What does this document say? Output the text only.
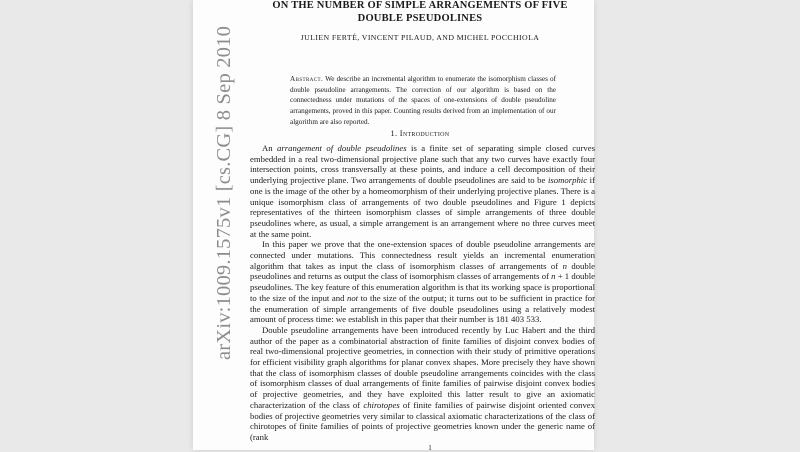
arXiv:1009.1575v1 [cs.CG] 8 Sep 2010
ON THE NUMBER OF SIMPLE ARRANGEMENTS OF FIVE
DOUBLE PSEUDOLINES
JULIEN FERTÉ, VINCENT PILAUD, AND MICHEL POCCHIOLA
Abstract. We describe an incremental algorithm to enumerate the isomorphism classes of double pseudoline arrangements. The correction of our algorithm is based on the connectedness under mutations of the spaces of one-extensions of double pseudoline arrangements, proved in this paper. Counting results derived from an implementation of our algorithm are also reported.
1. Introduction

An arrangement of double pseudolines is a finite set of separating simple closed curves embedded in a real two-dimensional projective plane such that any two curves have exactly four intersection points, cross transversally at these points, and induce a cell decomposition of their underlying projective plane. Two arrangements of double pseudolines are said to be isomorphic if one is the image of the other by a homeomorphism of their underlying projective planes. There is a unique isomorphism class of arrangements of two double pseudolines and Figure 1 depicts representatives of the thirteen isomorphism classes of simple arrangements of three double pseudolines where, as usual, a simple arrangement is an arrangement where no three curves meet at the same point.

In this paper we prove that the one-extension spaces of double pseudoline arrangements are connected under mutations. This connectedness result yields an incremental enumeration algorithm that takes as input the class of isomorphism classes of arrangements of n double pseudolines and returns as output the class of isomorphism classes of arrangements of n + 1 double pseudolines. The key feature of this enumeration algorithm is that its working space is proportional to the size of the input and not to the size of the output; it turns out to be sufficient in practice for the enumeration of simple arrangements of five double pseudolines using a relatively modest amount of process time: we establish in this paper that their number is 181 403 533.

Double pseudoline arrangements have been introduced recently by Luc Habert and the third author of the paper as a combinatorial abstraction of finite families of disjoint convex bodies of real two-dimensional projective geometries, in connection with their study of primitive operations for efficient visibility graph algorithms for planar convex shapes. More precisely they have shown that the class of isomorphism classes of double pseudoline arrangements coincides with the class of isomorphism classes of dual arrangements of finite families of pairwise disjoint convex bodies of projective geometries, and they have exploited this latter result to give an axiomatic characterization of the class of chirotopes of finite families of pairwise disjoint oriented convex bodies of projective geometries very similar to classical axiomatic characterizations of the class of chirotopes of finite families of points of projective geometries known under the generic name of (rank

1
